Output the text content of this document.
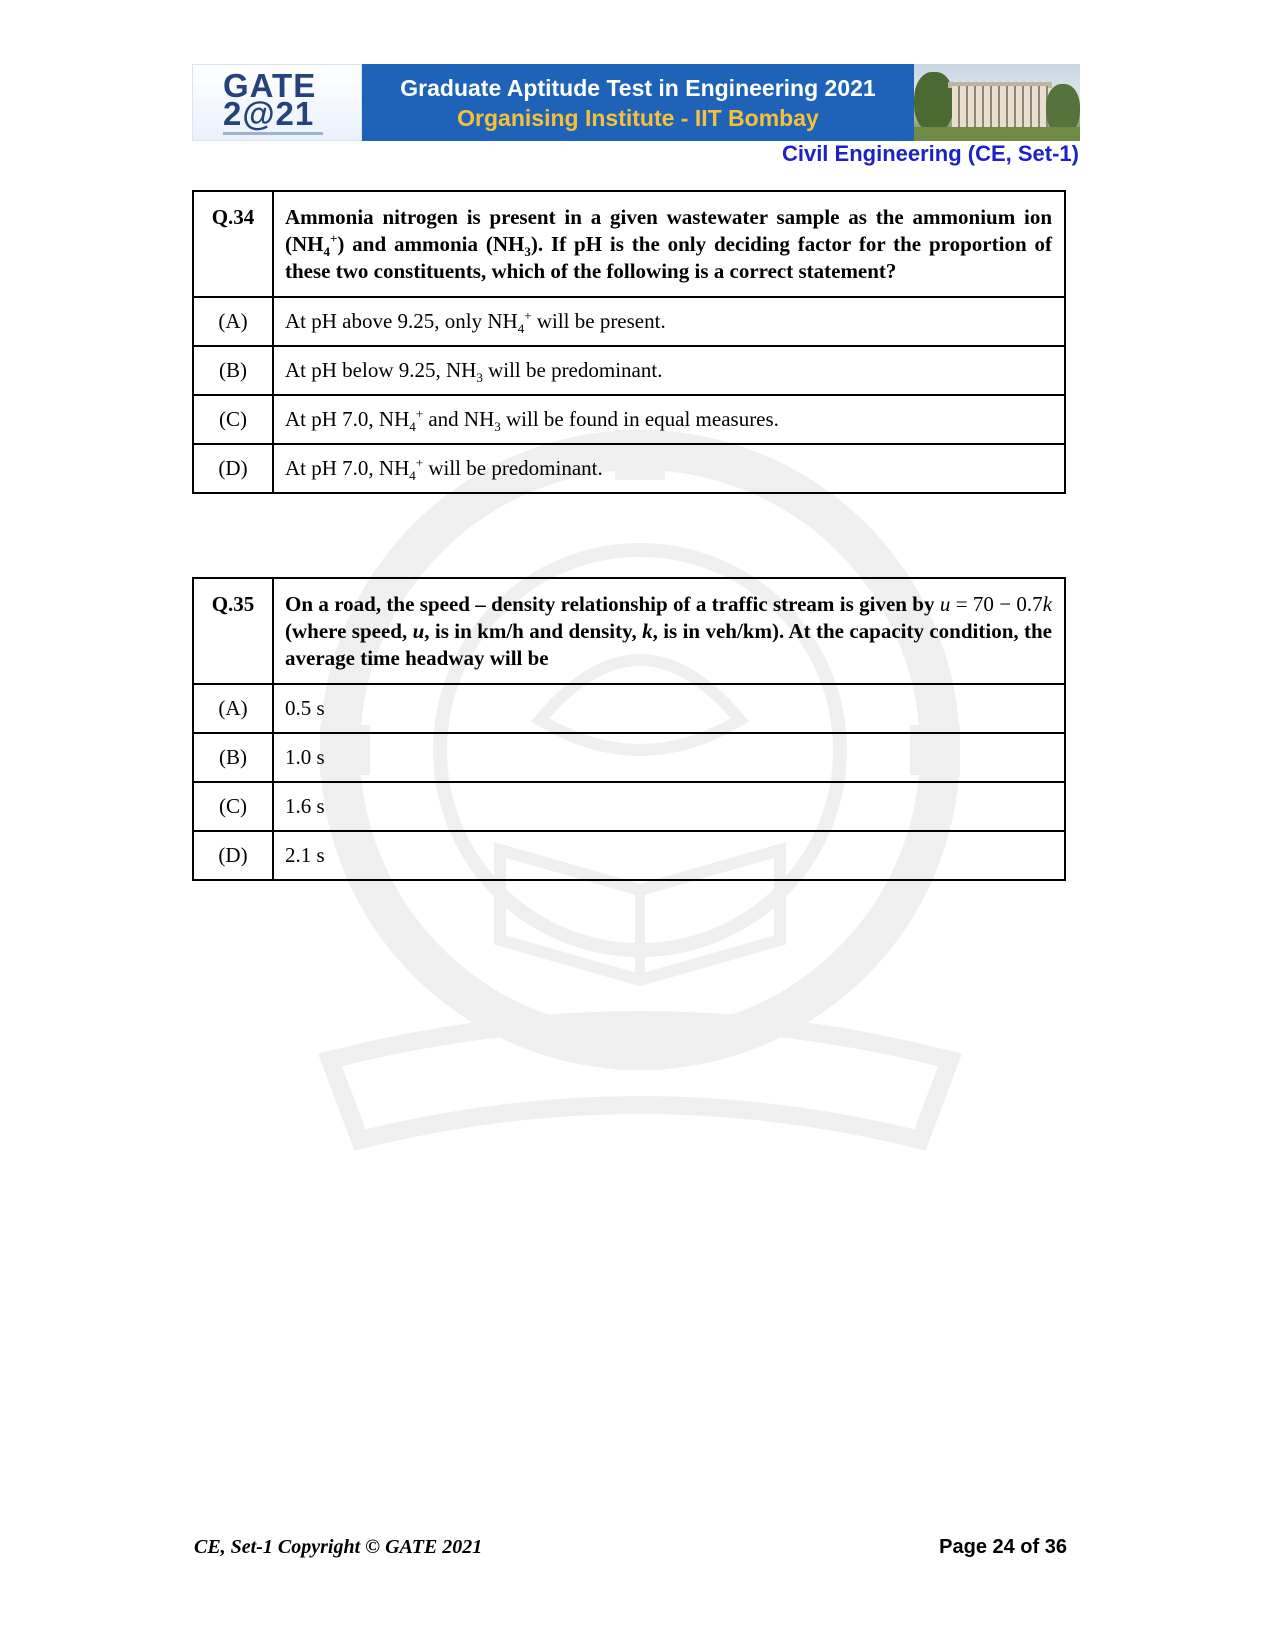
GATE
2@21
Graduate Aptitude Test in Engineering 2021
Organising Institute - IIT Bombay
Civil Engineering (CE, Set-1)
Q.34	Ammonia nitrogen is present in a given wastewater sample as the ammonium ion $(NH_4^+)$ and ammonia $(NH_3)$. If pH is the only deciding factor for the proportion of these two constituents, which of the following is a correct statement?
(A)	At pH above 9.25, only $NH_4^+$ will be present.
(B)	At pH below 9.25, $NH_3$ will be predominant.
(C)	At pH 7.0, $NH_4^+$ and $NH_3$ will be found in equal measures.
(D)	At pH 7.0, $NH_4^+$ will be predominant.
Q.35	On a road, the speed – density relationship of a traffic stream is given by u = 70 − 0.7k (where speed, u, is in km/h and density, k, is in veh/km). At the capacity condition, the average time headway will be
(A)	0.5 s
(B)	1.0 s
(C)	1.6 s
(D)	2.1 s
CE, Set-1 Copyright © GATE 2021	Page 24 of 36
